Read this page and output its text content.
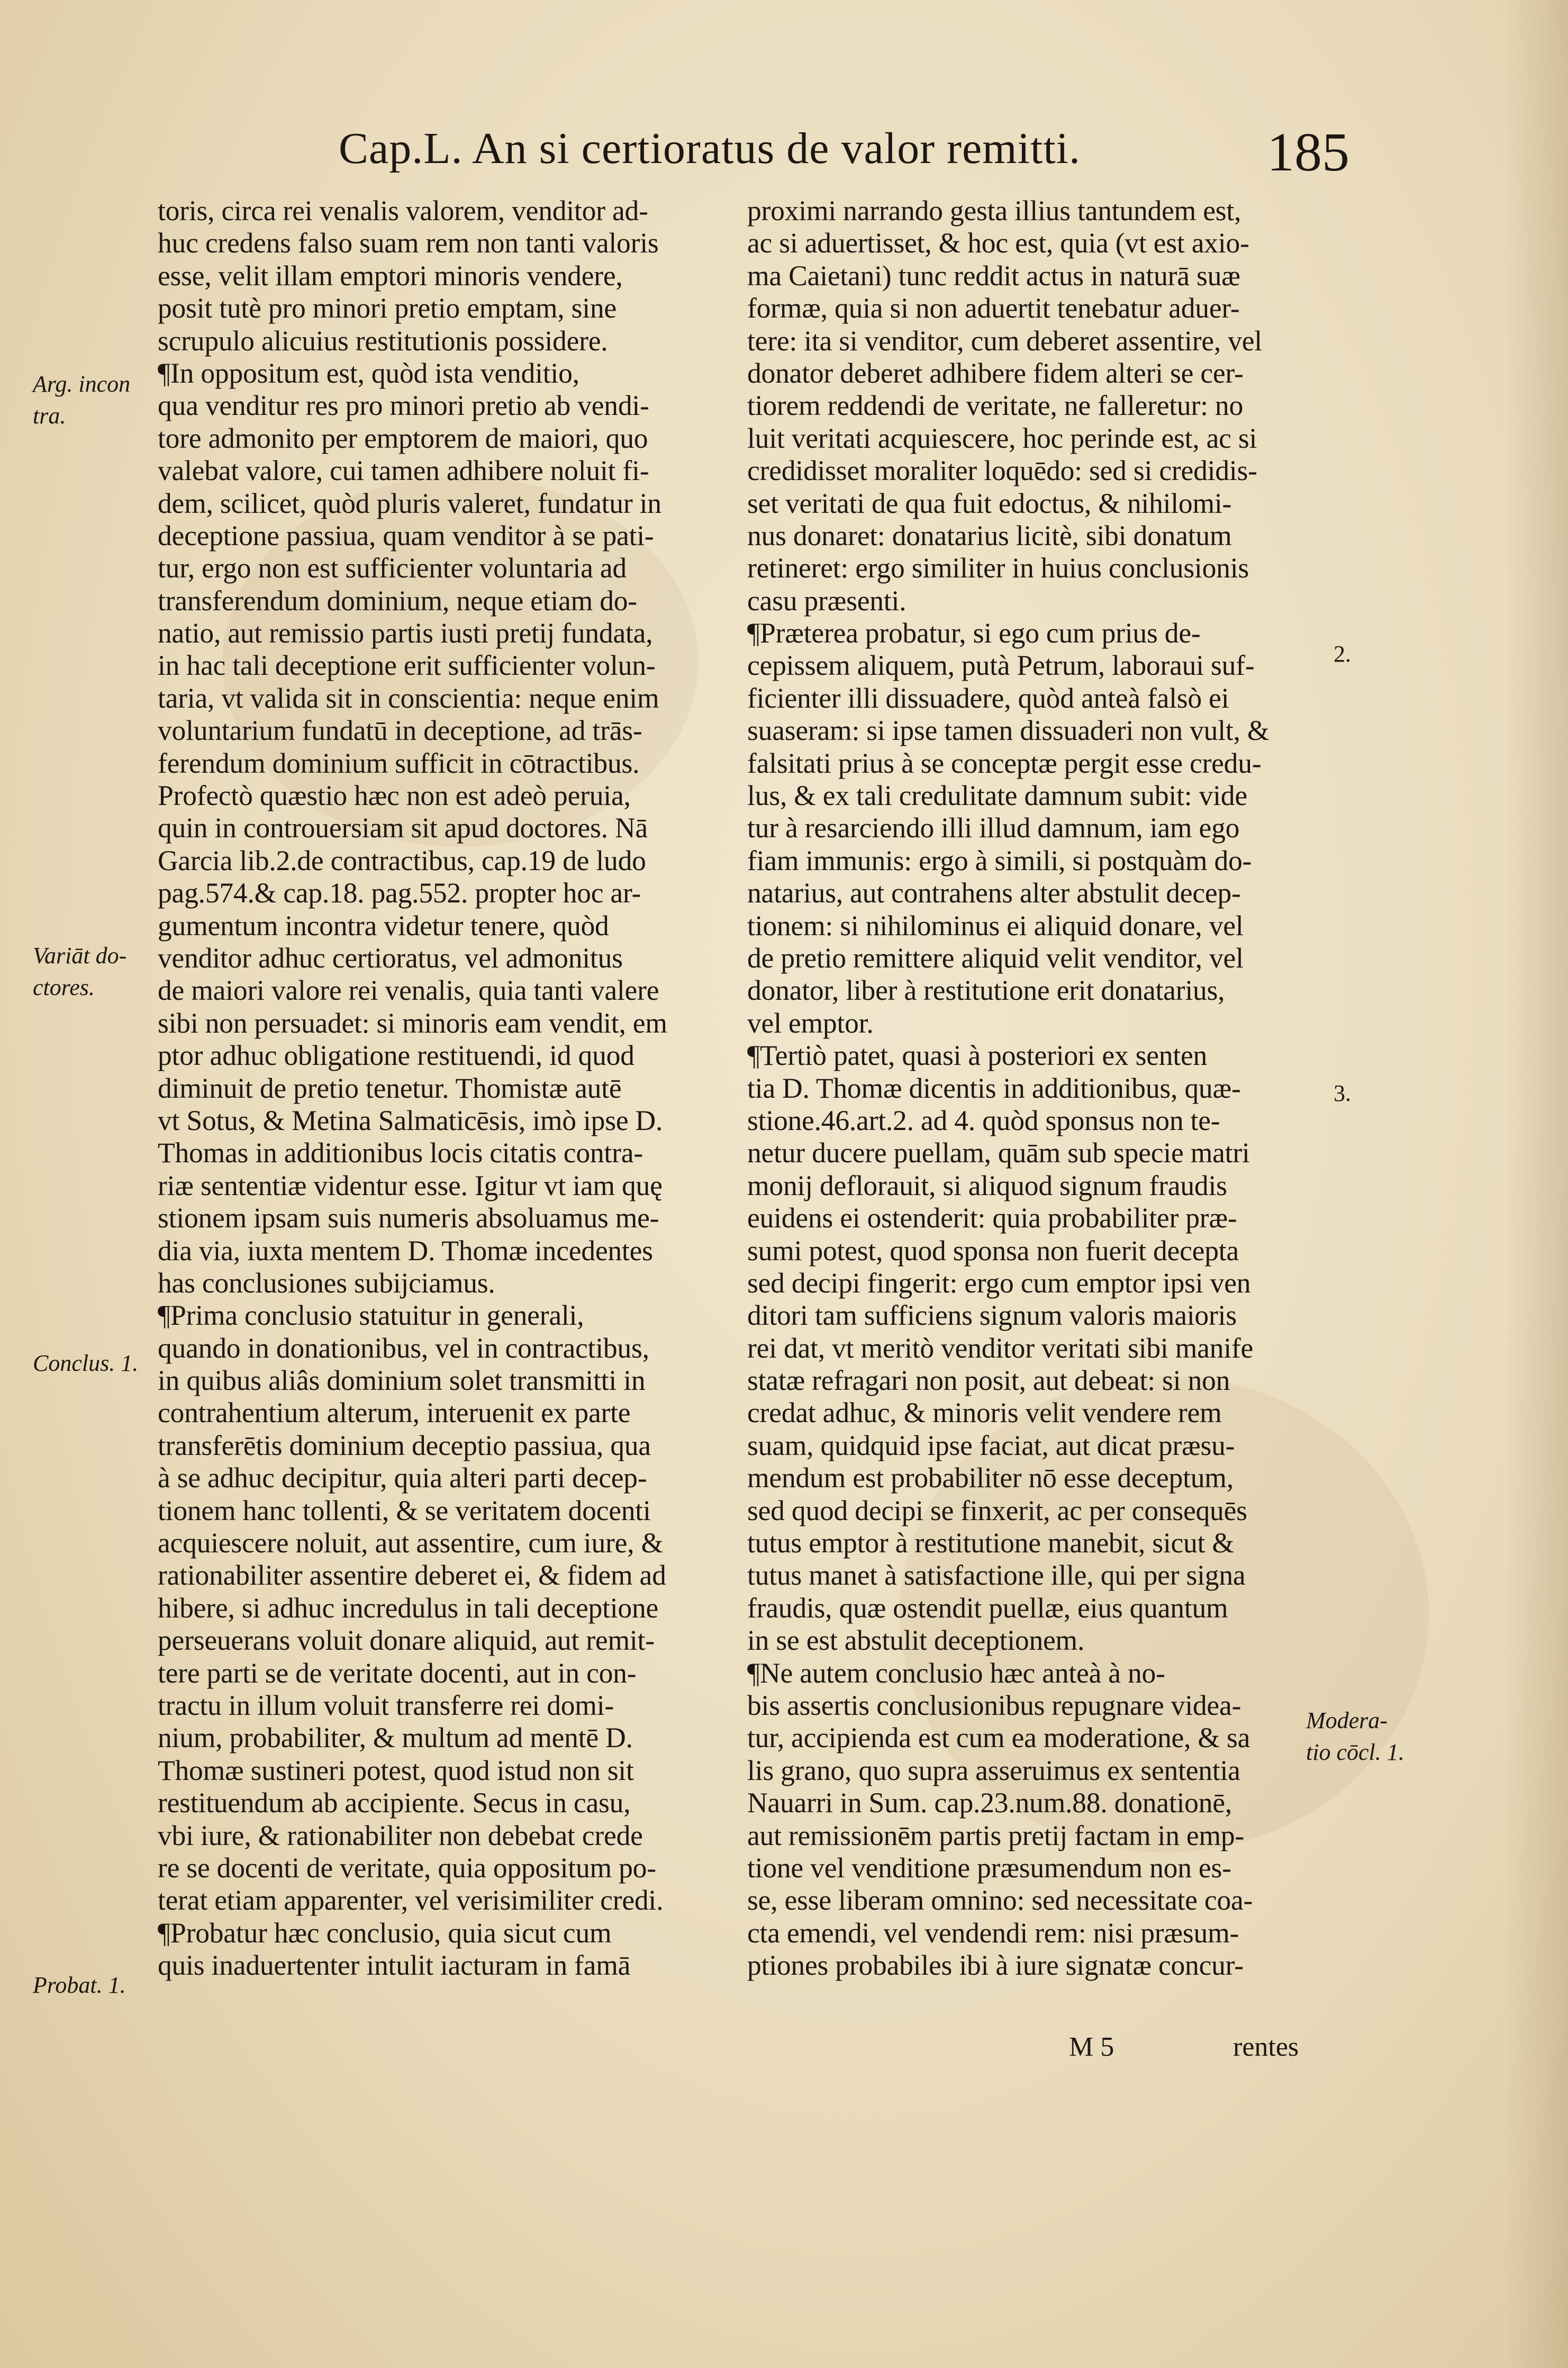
Cap.L. An si certioratus de valor remitti.	185
Arg. incon
tra.
Variāt do-
ctores.
Conclus. 1.
Probat. 1.
2.
3.
Modera-
tio cōcl. 1.
toris, circa rei venalis valorem, venditor ad-
huc credens falso suam rem non tanti valoris
esse, velit illam emptori minoris vendere,
posit tutè pro minori pretio emptam, sine
scrupulo alicuius restitutionis possidere.
¶In oppositum est, quòd ista venditio,
qua venditur res pro minori pretio ab vendi-
tore admonito per emptorem de maiori, quo
valebat valore, cui tamen adhibere noluit fi-
dem, scilicet, quòd pluris valeret, fundatur in
deceptione passiua, quam venditor à se pati-
tur, ergo non est sufficienter voluntaria ad
transferendum dominium, neque etiam do-
natio, aut remissio partis iusti pretij fundata,
in hac tali deceptione erit sufficienter volun-
taria, vt valida sit in conscientia: neque enim
voluntarium fundatū in deceptione, ad trās-
ferendum dominium sufficit in cōtractibus.
Profectò quæstio hæc non est adeò peruia,
quin in controuersiam sit apud doctores. Nā
Garcia lib.2.de contractibus, cap.19 de ludo
pag.574.& cap.18. pag.552. propter hoc ar-
gumentum incontra videtur tenere, quòd
venditor adhuc certioratus, vel admonitus
de maiori valore rei venalis, quia tanti valere
sibi non persuadet: si minoris eam vendit, em
ptor adhuc obligatione restituendi, id quod
diminuit de pretio tenetur. Thomistæ autē
vt Sotus, & Metina Salmaticēsis, imò ipse D.
Thomas in additionibus locis citatis contra-
riæ sententiæ videntur esse. Igitur vt iam quę
stionem ipsam suis numeris absoluamus me-
dia via, iuxta mentem D. Thomæ incedentes
has conclusiones subijciamus.
¶Prima conclusio statuitur in generali,
quando in donationibus, vel in contractibus,
in quibus aliâs dominium solet transmitti in
contrahentium alterum, interuenit ex parte
transferētis dominium deceptio passiua, qua
à se adhuc decipitur, quia alteri parti decep-
tionem hanc tollenti, & se veritatem docenti
acquiescere noluit, aut assentire, cum iure, &
rationabiliter assentire deberet ei, & fidem ad
hibere, si adhuc incredulus in tali deceptione
perseuerans voluit donare aliquid, aut remit-
tere parti se de veritate docenti, aut in con-
tractu in illum voluit transferre rei domi-
nium, probabiliter, & multum ad mentē D.
Thomæ sustineri potest, quod istud non sit
restituendum ab accipiente. Secus in casu,
vbi iure, & rationabiliter non debebat crede
re se docenti de veritate, quia oppositum po-
terat etiam apparenter, vel verisimiliter credi.
¶Probatur hæc conclusio, quia sicut cum
quis inaduertenter intulit iacturam in famā
proximi narrando gesta illius tantundem est,
ac si aduertisset, & hoc est, quia (vt est axio-
ma Caietani) tunc reddit actus in naturā suæ
formæ, quia si non aduertit tenebatur aduer-
tere: ita si venditor, cum deberet assentire, vel
donator deberet adhibere fidem alteri se cer-
tiorem reddendi de veritate, ne falleretur: no
luit veritati acquiescere, hoc perinde est, ac si
credidisset moraliter loquēdo: sed si credidis-
set veritati de qua fuit edoctus, & nihilomi-
nus donaret: donatarius licitè, sibi donatum
retineret: ergo similiter in huius conclusionis
casu præsenti.
¶Præterea probatur, si ego cum prius de-
cepissem aliquem, putà Petrum, laboraui suf-
ficienter illi dissuadere, quòd anteà falsò ei
suaseram: si ipse tamen dissuaderi non vult, &
falsitati prius à se conceptæ pergit esse credu-
lus, & ex tali credulitate damnum subit: vide
tur à resarciendo illi illud damnum, iam ego
fiam immunis: ergo à simili, si postquàm do-
natarius, aut contrahens alter abstulit decep-
tionem: si nihilominus ei aliquid donare, vel
de pretio remittere aliquid velit venditor, vel
donator, liber à restitutione erit donatarius,
vel emptor.
¶Tertiò patet, quasi à posteriori ex senten
tia D. Thomæ dicentis in additionibus, quæ-
stione.46.art.2. ad 4. quòd sponsus non te-
netur ducere puellam, quām sub specie matri
monij deflorauit, si aliquod signum fraudis
euidens ei ostenderit: quia probabiliter præ-
sumi potest, quod sponsa non fuerit decepta
sed decipi fingerit: ergo cum emptor ipsi ven
ditori tam sufficiens signum valoris maioris
rei dat, vt meritò venditor veritati sibi manife
statæ refragari non posit, aut debeat: si non
credat adhuc, & minoris velit vendere rem
suam, quidquid ipse faciat, aut dicat præsu-
mendum est probabiliter nō esse deceptum,
sed quod decipi se finxerit, ac per consequēs
tutus emptor à restitutione manebit, sicut &
tutus manet à satisfactione ille, qui per signa
fraudis, quæ ostendit puellæ, eius quantum
in se est abstulit deceptionem.
¶Ne autem conclusio hæc anteà à no-
bis assertis conclusionibus repugnare videa-
tur, accipienda est cum ea moderatione, & sa
lis grano, quo supra asseruimus ex sententia
Nauarri in Sum. cap.23.num.88. donationē,
aut remissionēm partis pretij factam in emp-
tione vel venditione præsumendum non es-
se, esse liberam omnino: sed necessitate coa-
cta emendi, vel vendendi rem: nisi præsum-
ptiones probabiles ibi à iure signatæ concur-
M 5	rentes
